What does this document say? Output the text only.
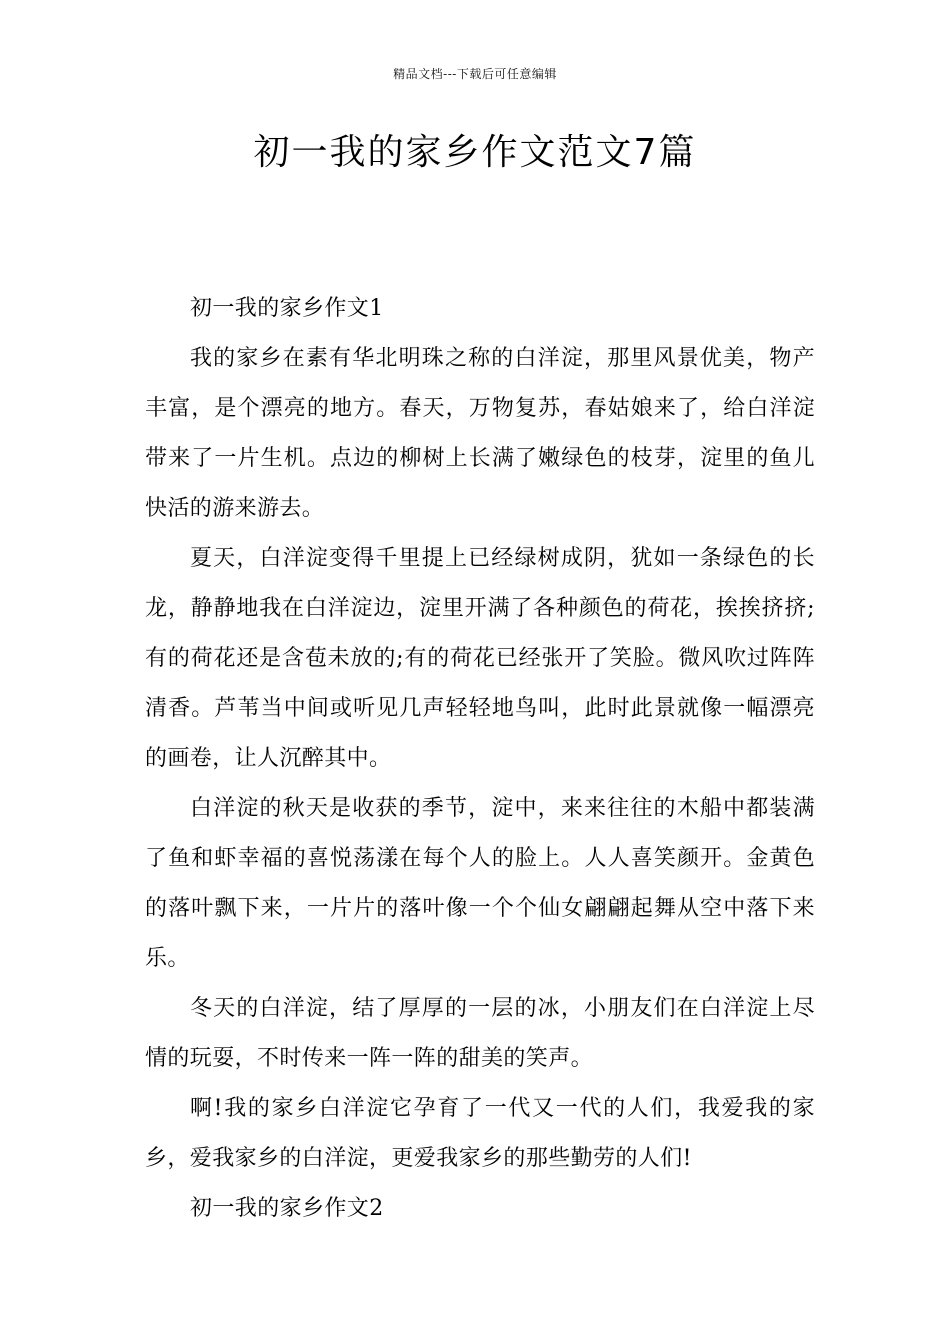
精品文档---下载后可任意编辑
初一我的家乡作文范文7篇

初一我的家乡作文1

我的家乡在素有华北明珠之称的白洋淀，那里风景优美，物产丰富，是个漂亮的地方。春天，万物复苏，春姑娘来了，给白洋淀带来了一片生机。点边的柳树上长满了嫩绿色的枝芽，淀里的鱼儿快活的游来游去。

夏天，白洋淀变得千里提上已经绿树成阴，犹如一条绿色的长龙，静静地我在白洋淀边，淀里开满了各种颜色的荷花，挨挨挤挤;有的荷花还是含苞未放的;有的荷花已经张开了笑脸。微风吹过阵阵清香。芦苇当中间或听见几声轻轻地鸟叫，此时此景就像一幅漂亮的画卷，让人沉醉其中。

白洋淀的秋天是收获的季节，淀中，来来往往的木船中都装满了鱼和虾幸福的喜悦荡漾在每个人的脸上。人人喜笑颜开。金黄色的落叶飘下来，一片片的落叶像一个个仙女翩翩起舞从空中落下来乐。

冬天的白洋淀，结了厚厚的一层的冰，小朋友们在白洋淀上尽情的玩耍，不时传来一阵一阵的甜美的笑声。

啊!我的家乡白洋淀它孕育了一代又一代的人们，我爱我的家乡，爱我家乡的白洋淀，更爱我家乡的那些勤劳的人们!

初一我的家乡作文2
